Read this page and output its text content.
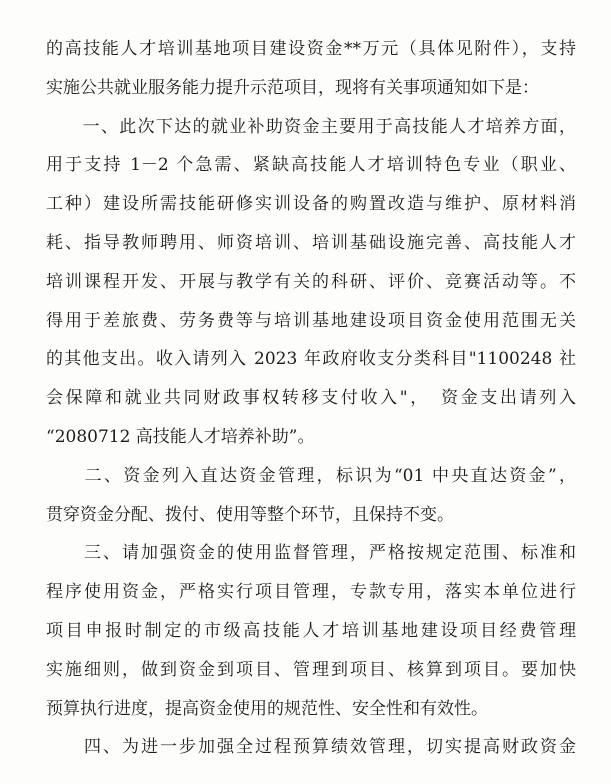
的高技能人才培训基地项目建设资金**万元（具体见附件），支持
实施公共就业服务能力提升示范项目，现将有关事项通知如下是：
　　一、此次下达的就业补助资金主要用于高技能人才培养方面，
用于支持 1－2 个急需、紧缺高技能人才培训特色专业（职业、
工种）建设所需技能研修实训设备的购置改造与维护、原材料消
耗、指导教师聘用、师资培训、培训基础设施完善、高技能人才
培训课程开发、开展与教学有关的科研、评价、竞赛活动等。不
得用于差旅费、劳务费等与培训基地建设项目资金使用范围无关
的其他支出。收入请列入 2023 年政府收支分类科目"1100248 社
会保障和就业共同财政事权转移支付收入"，　资金支出请列入
“2080712 高技能人才培养补助”。
　　二、资金列入直达资金管理，标识为“01 中央直达资金”，
贯穿资金分配、拨付、使用等整个环节，且保持不变。
　　三、请加强资金的使用监督管理，严格按规定范围、标准和
程序使用资金，严格实行项目管理，专款专用，落实本单位进行
项目申报时制定的市级高技能人才培训基地建设项目经费管理
实施细则，做到资金到项目、管理到项目、核算到项目。要加快
预算执行进度，提高资金使用的规范性、安全性和有效性。
　　四、为进一步加强全过程预算绩效管理，切实提高财政资金
